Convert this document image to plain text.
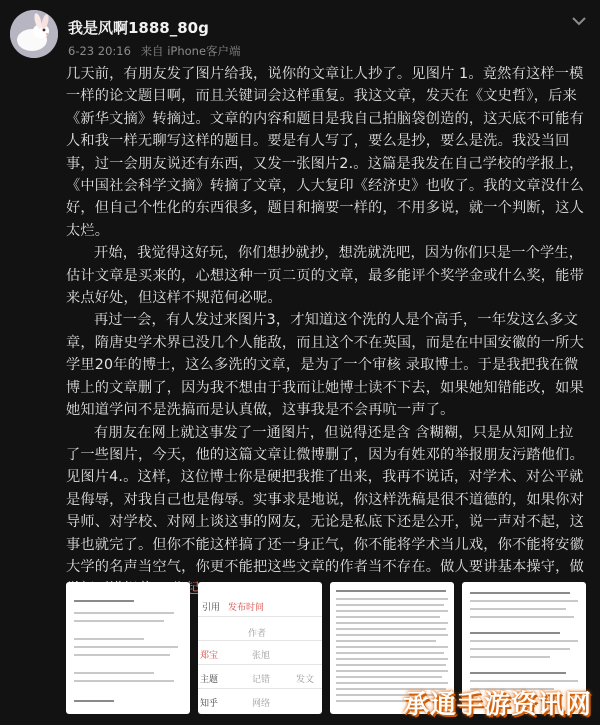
我是风啊1888_80g
6-23 20:16 来自 iPhone客户端

几天前，有朋友发了图片给我，说你的文章让人抄了。见图片 1。竟然有这样一模一样的论文题目啊，而且关键词会这样重复。我这文章，发天在《文史哲》，后来《新华文摘》转摘过。文章的内容和题目是我自己拍脑袋创造的，这天底不可能有人和我一样无聊写这样的题目。要是有人写了，要么是抄，要么是洗。我没当回事，过一会朋友说还有东西，又发一张图片2.。这篇是我发在自己学校的学报上，《中国社会科学文摘》转摘了文章，人大复印《经济史》也收了。我的文章没什么好，但自己个性化的东西很多，题目和摘要一样的，不用多说，就一个判断，这人太烂。

开始，我觉得这好玩，你们想抄就抄，想洗就洗吧，因为你们只是一个学生，估计文章是买来的，心想这种一页二页的文章，最多能评个奖学金或什么奖，能带来点好处，但这样不规范何必呢。

再过一会，有人发过来图片3，才知道这个洗的人是个高手，一年发这么多文章，隋唐史学术界已没几个人能敌，而且这个不在英国，而是在中国安徽的一所大学里20年的博士，这么多洗的文章，是为了一个审核 录取博士。于是我把我在微博上的文章删了，因为我不想由于我而让她博士读不下去，如果她知错能改，如果她知道学问不是洗搞而是认真做，这事我是不会再吭一声了。

有朋友在网上就这事发了一通图片，但说得还是含 含糊糊，只是从知网上拉了一些图片，今天，他的这篇文章让微博删了，因为有姓邓的举报朋友污踏他们。见图片4.。这样，这位博士你是硬把我推了出来，我再不说话，对学术、对公平就是侮辱，对我自己也是侮辱。实事求是地说，你这样洗稿是很不道德的，如果你对导师、对学校、对网上谈这事的网友，无论是私底下还是公开，说一声对不起，这事也就完了。但你不能这样搞了还一身正气，你不能将学术当儿戏，你不能将安徽大学的名声当空气，你更不能把这些文章的作者当不存在。做人要讲基本操守，做

引用 发布时间
作者
郑宝	张旭
主题	记错
知乎	网络
发文
承通手游资讯网
